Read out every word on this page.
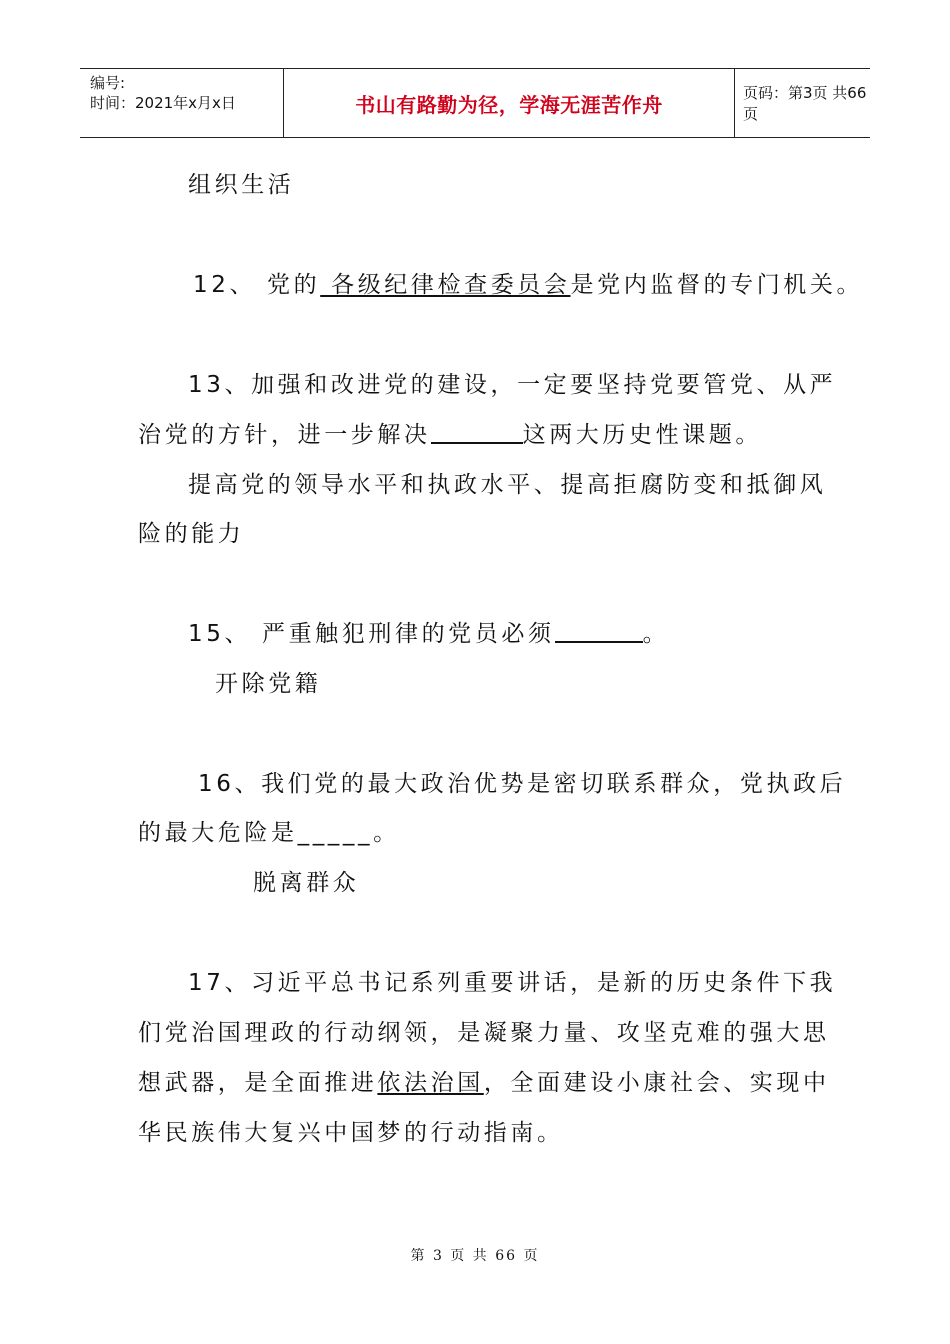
编号:
时间：2021年x月x日	书山有路勤为径，学海无涯苦作舟	页码：第3页 共66页
组织生活
12、 党的 各级纪律检查委员会是党内监督的专门机关。
13、加强和改进党的建设，一定要坚持党要管党、从严
治党的方针，进一步解决	这两大历史性课题。
提高党的领导水平和执政水平、提高拒腐防变和抵御风
险的能力
15、 严重触犯刑律的党员必须	。
开除党籍
16、我们党的最大政治优势是密切联系群众，党执政后
的最大危险是_____。
脱离群众
17、习近平总书记系列重要讲话，是新的历史条件下我
们党治国理政的行动纲领，是凝聚力量、攻坚克难的强大思
想武器，是全面推进依法治国，全面建设小康社会、实现中
华民族伟大复兴中国梦的行动指南。
第 3 页 共 66 页
